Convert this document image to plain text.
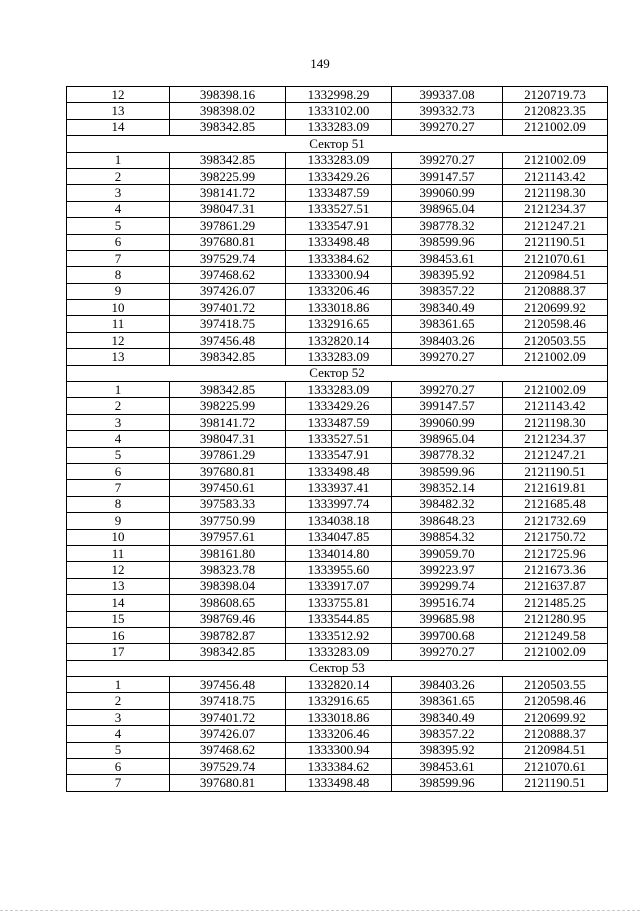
149
12	398398.16	1332998.29	399337.08	2120719.73
13	398398.02	1333102.00	399332.73	2120823.35
14	398342.85	1333283.09	399270.27	2121002.09
Сектор 51				
1	398342.85	1333283.09	399270.27	2121002.09
2	398225.99	1333429.26	399147.57	2121143.42
3	398141.72	1333487.59	399060.99	2121198.30
4	398047.31	1333527.51	398965.04	2121234.37
5	397861.29	1333547.91	398778.32	2121247.21
6	397680.81	1333498.48	398599.96	2121190.51
7	397529.74	1333384.62	398453.61	2121070.61
8	397468.62	1333300.94	398395.92	2120984.51
9	397426.07	1333206.46	398357.22	2120888.37
10	397401.72	1333018.86	398340.49	2120699.92
11	397418.75	1332916.65	398361.65	2120598.46
12	397456.48	1332820.14	398403.26	2120503.55
13	398342.85	1333283.09	399270.27	2121002.09
Сектор 52				
1	398342.85	1333283.09	399270.27	2121002.09
2	398225.99	1333429.26	399147.57	2121143.42
3	398141.72	1333487.59	399060.99	2121198.30
4	398047.31	1333527.51	398965.04	2121234.37
5	397861.29	1333547.91	398778.32	2121247.21
6	397680.81	1333498.48	398599.96	2121190.51
7	397450.61	1333937.41	398352.14	2121619.81
8	397583.33	1333997.74	398482.32	2121685.48
9	397750.99	1334038.18	398648.23	2121732.69
10	397957.61	1334047.85	398854.32	2121750.72
11	398161.80	1334014.80	399059.70	2121725.96
12	398323.78	1333955.60	399223.97	2121673.36
13	398398.04	1333917.07	399299.74	2121637.87
14	398608.65	1333755.81	399516.74	2121485.25
15	398769.46	1333544.85	399685.98	2121280.95
16	398782.87	1333512.92	399700.68	2121249.58
17	398342.85	1333283.09	399270.27	2121002.09
Сектор 53				
1	397456.48	1332820.14	398403.26	2120503.55
2	397418.75	1332916.65	398361.65	2120598.46
3	397401.72	1333018.86	398340.49	2120699.92
4	397426.07	1333206.46	398357.22	2120888.37
5	397468.62	1333300.94	398395.92	2120984.51
6	397529.74	1333384.62	398453.61	2121070.61
7	397680.81	1333498.48	398599.96	2121190.51
